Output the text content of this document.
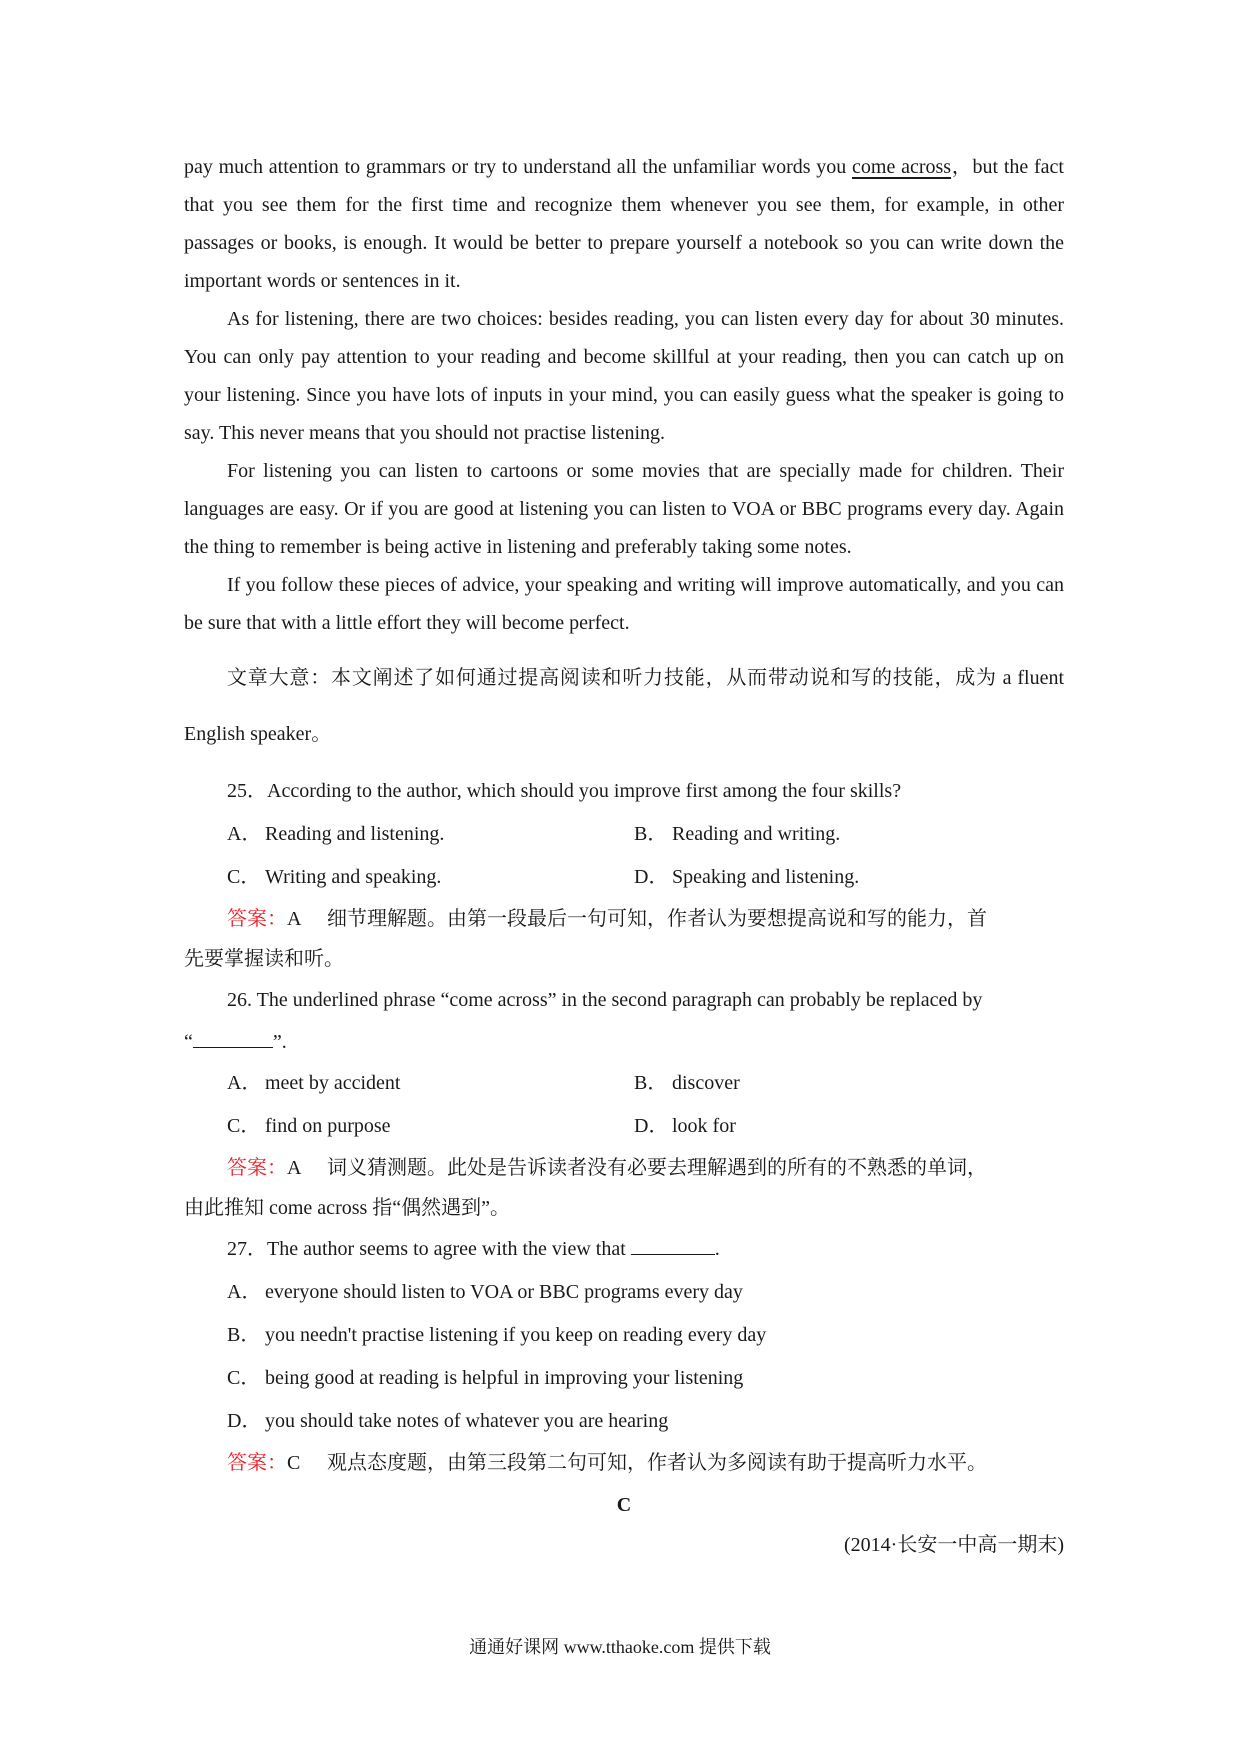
pay much attention to grammars or try to understand all the unfamiliar words you come across，but the fact that you see them for the first time and recognize them whenever you see them, for example, in other passages or books, is enough. It would be better to prepare yourself a notebook so you can write down the important words or sentences in it.

As for listening, there are two choices: besides reading, you can listen every day for about 30 minutes. You can only pay attention to your reading and become skillful at your reading, then you can catch up on your listening. Since you have lots of inputs in your mind, you can easily guess what the speaker is going to say. This never means that you should not practise listening.

For listening you can listen to cartoons or some movies that are specially made for children. Their languages are easy. Or if you are good at listening you can listen to VOA or BBC programs every day. Again the thing to remember is being active in listening and preferably taking some notes.

If you follow these pieces of advice, your speaking and writing will improve automatically, and you can be sure that with a little effort they will become perfect.

文章大意：本文阐述了如何通过提高阅读和听力技能，从而带动说和写的技能，成为 a fluent English speaker。

25．According to the author, which should you improve first among the four skills?

A． Reading and listening.	B． Reading and writing.
C． Writing and speaking.	D． Speaking and listening.

答案：A 细节理解题。由第一段最后一句可知，作者认为要想提高说和写的能力，首

先要掌握读和听。

26. The underlined phrase “come across” in the second paragraph can probably be replaced by

“	”.

A． meet by accident	B． discover
C． find on purpose	D． look for

答案：A 词义猜测题。此处是告诉读者没有必要去理解遇到的所有的不熟悉的单词，

由此推知 come across 指“偶然遇到”。

27．The author seems to agree with the view that	.

A． everyone should listen to VOA or BBC programs every day
B． you needn't practise listening if you keep on reading every day
C． being good at reading is helpful in improving your listening
D． you should take notes of whatever you are hearing

答案：C 观点态度题，由第三段第二句可知，作者认为多阅读有助于提高听力水平。

C
(2014·长安一中高一期末)
通通好课网 www.tthaoke.com 提供下载
